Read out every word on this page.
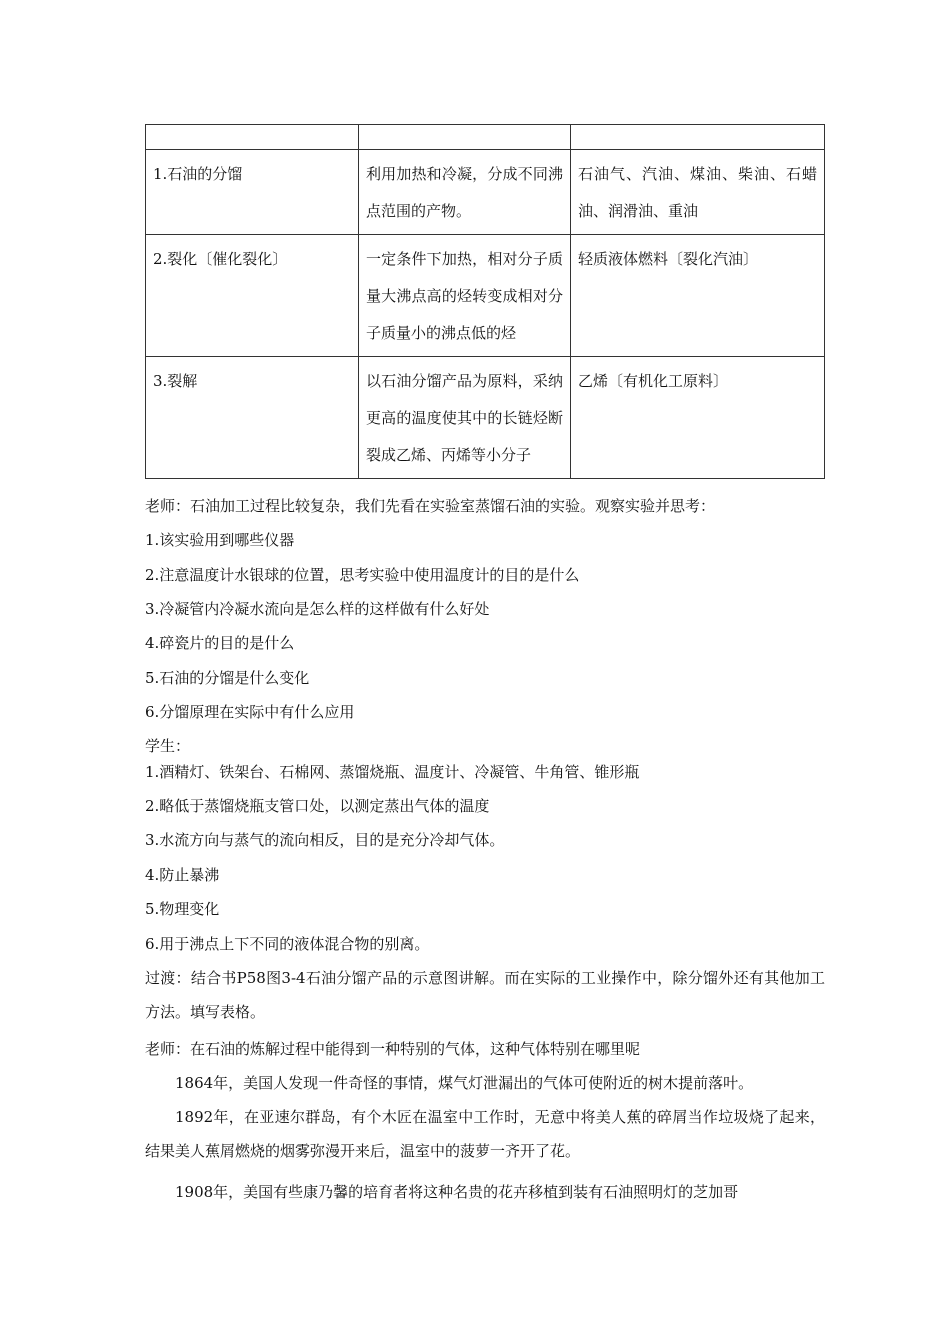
1.石油的分馏	利用加热和冷凝，分成不同沸点范围的产物。	石油气、汽油、煤油、柴油、石蜡油、润滑油、重油
2.裂化〔催化裂化〕	一定条件下加热，相对分子质量大沸点高的烃转变成相对分子质量小的沸点低的烃	轻质液体燃料〔裂化汽油〕
3.裂解	以石油分馏产品为原料，采纳更高的温度使其中的长链烃断裂成乙烯、丙烯等小分子	乙烯〔有机化工原料〕
老师：石油加工过程比较复杂，我们先看在实验室蒸馏石油的实验。观察实验并思考：
1.该实验用到哪些仪器
2.注意温度计水银球的位置，思考实验中使用温度计的目的是什么
3.冷凝管内冷凝水流向是怎么样的这样做有什么好处
4.碎瓷片的目的是什么
5.石油的分馏是什么变化
6.分馏原理在实际中有什么应用
学生：
1.酒精灯、铁架台、石棉网、蒸馏烧瓶、温度计、冷凝管、牛角管、锥形瓶
2.略低于蒸馏烧瓶支管口处，以测定蒸出气体的温度
3.水流方向与蒸气的流向相反，目的是充分冷却气体。
4.防止暴沸
5.物理变化
6.用于沸点上下不同的液体混合物的别离。
过渡：结合书P58图3-4石油分馏产品的示意图讲解。而在实际的工业操作中，除分馏外还有其他加工方法。填写表格。
老师：在石油的炼解过程中能得到一种特别的气体，这种气体特别在哪里呢
1864年，美国人发现一件奇怪的事情，煤气灯泄漏出的气体可使附近的树木提前落叶。
1892年，在亚速尔群岛，有个木匠在温室中工作时，无意中将美人蕉的碎屑当作垃圾烧了起来，结果美人蕉屑燃烧的烟雾弥漫开来后，温室中的菠萝一齐开了花。
1908年，美国有些康乃馨的培育者将这种名贵的花卉移植到装有石油照明灯的芝加哥
